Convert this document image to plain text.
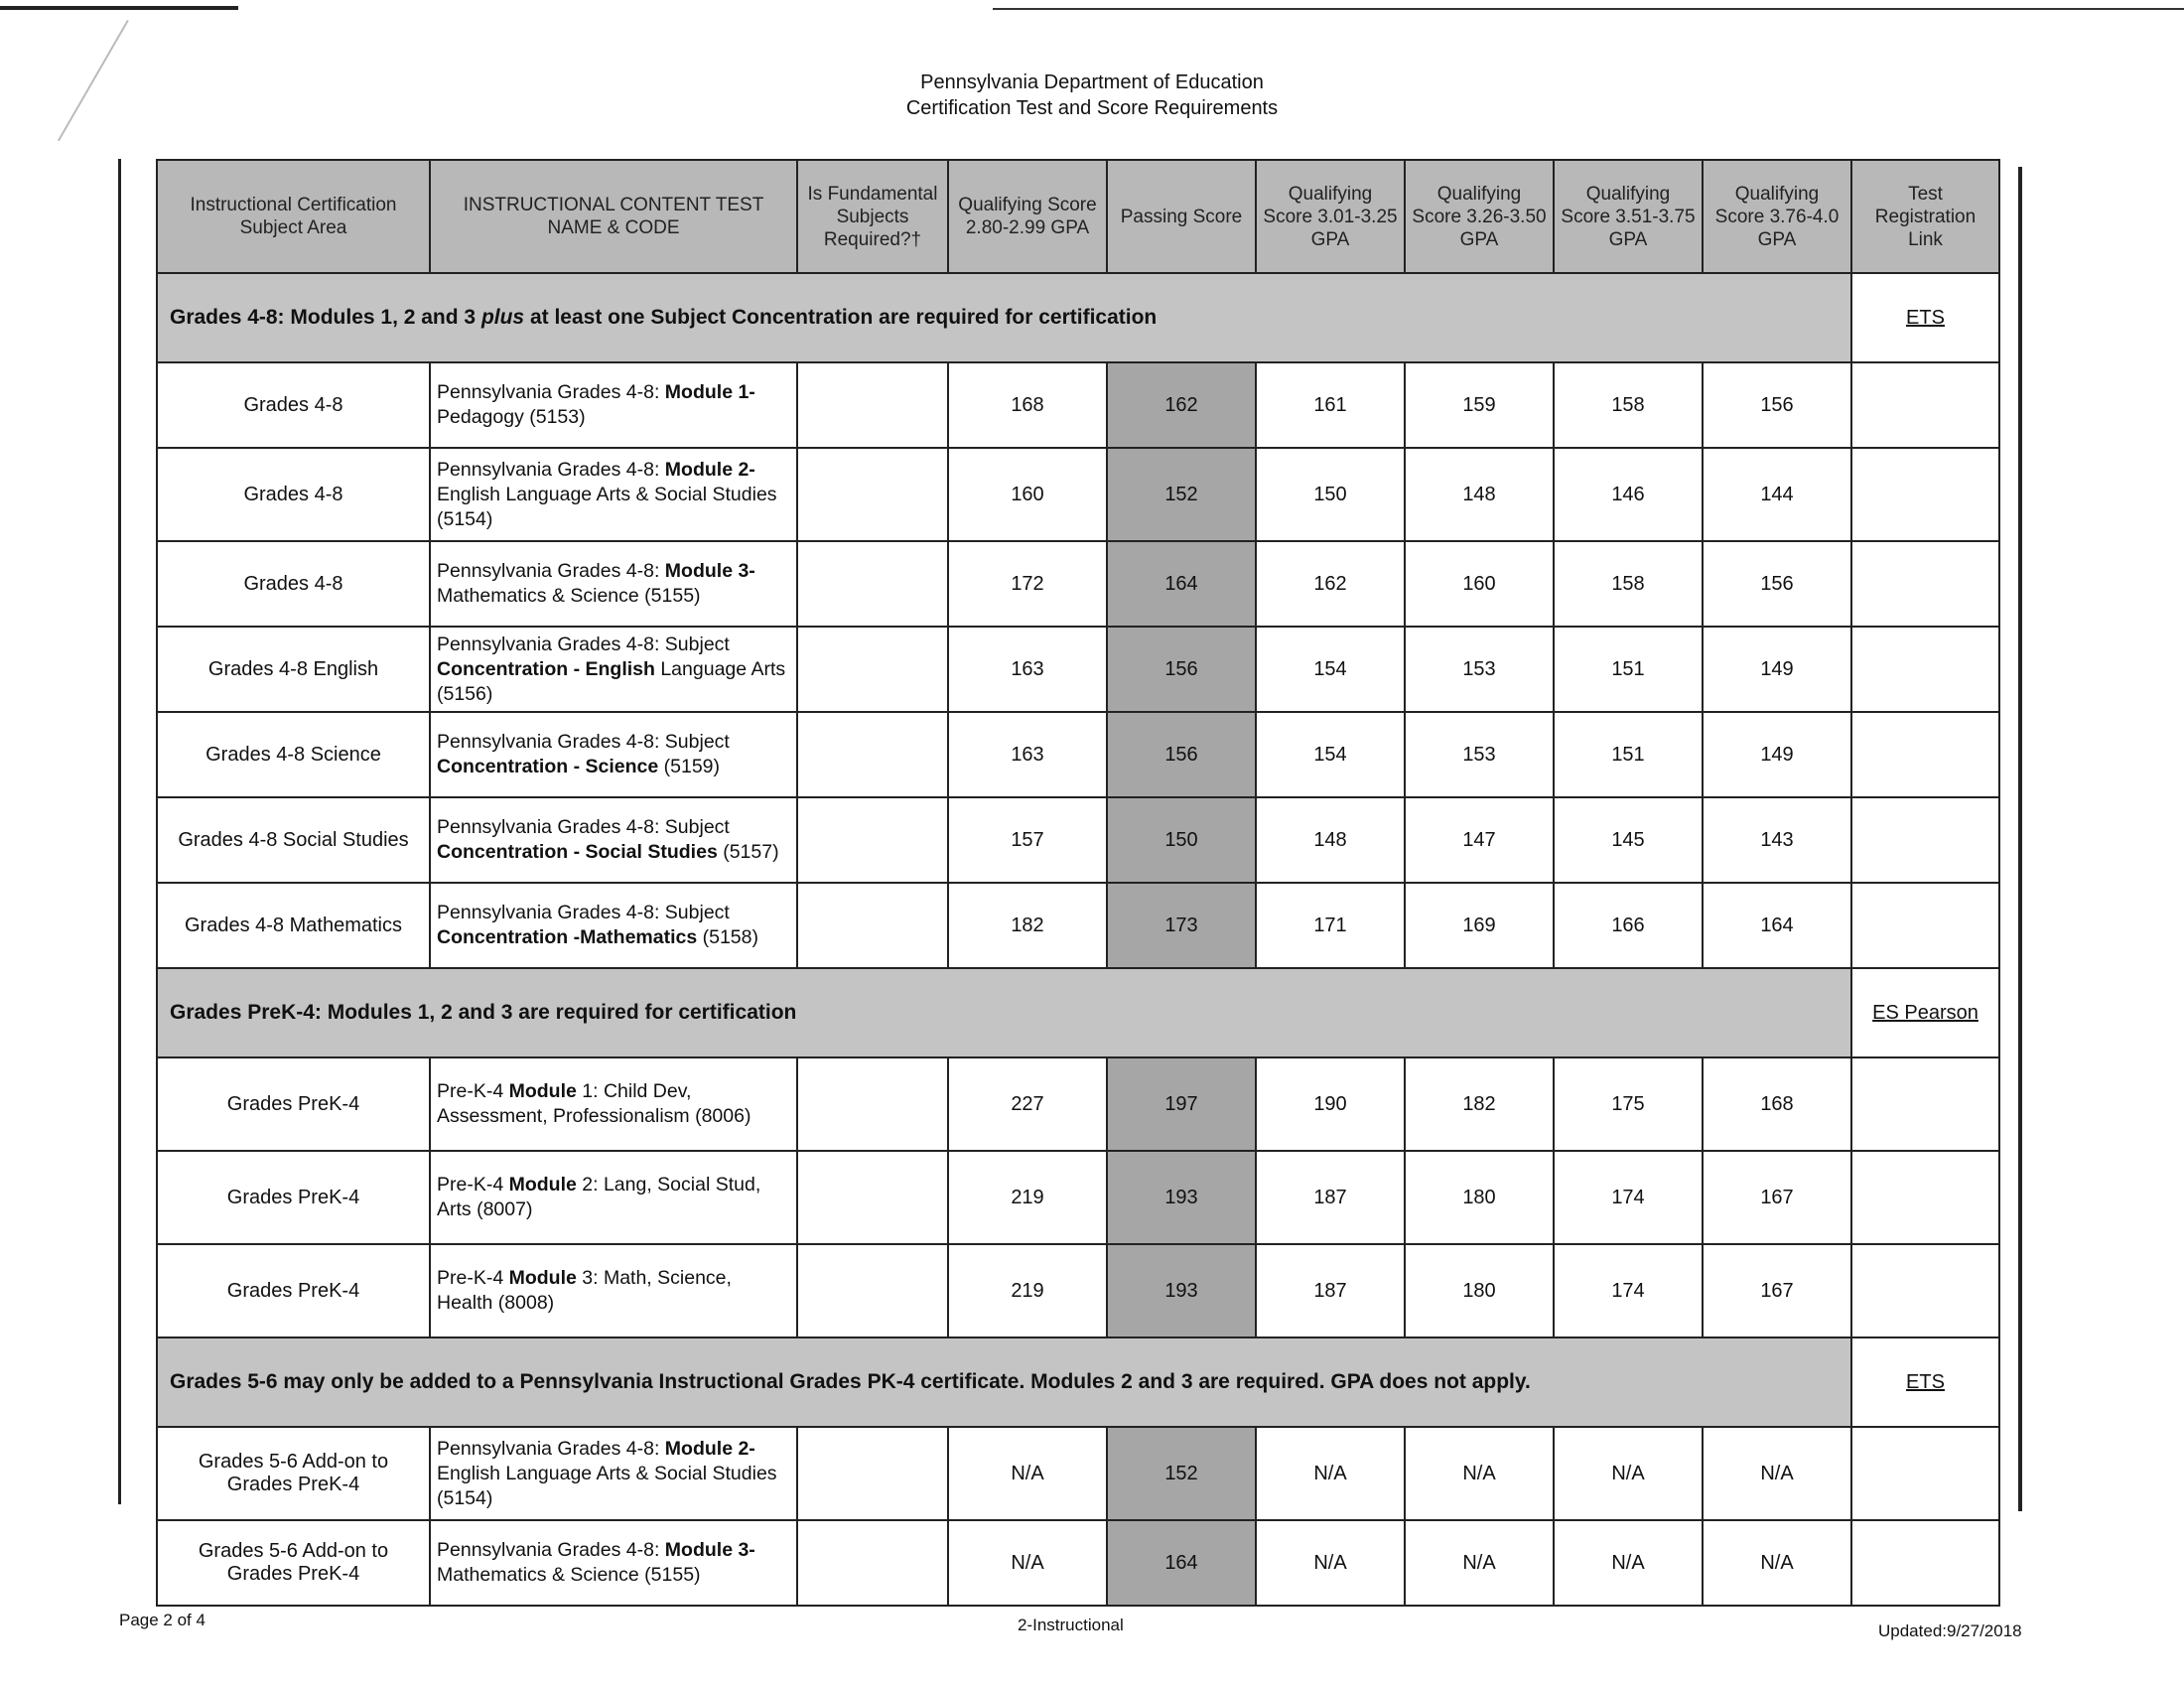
Pennsylvania Department of Education
Certification Test and Score Requirements
Instructional Certification Subject Area	INSTRUCTIONAL CONTENT TEST NAME & CODE	Is Fundamental Subjects Required?†	Qualifying Score 2.80-2.99 GPA	Passing Score	Qualifying Score 3.01-3.25 GPA	Qualifying Score 3.26-3.50 GPA	Qualifying Score 3.51-3.75 GPA	Qualifying Score 3.76-4.0 GPA	Test Registration Link
Grades 4-8: Modules 1, 2 and 3 plus at least one Subject Concentration are required for certification									ETS
Grades 4-8	Pennsylvania Grades 4-8: Module 1- Pedagogy (5153)		168	162	161	159	158	156	
Grades 4-8	Pennsylvania Grades 4-8: Module 2- English Language Arts & Social Studies (5154)		160	152	150	148	146	144	
Grades 4-8	Pennsylvania Grades 4-8: Module 3- Mathematics & Science (5155)		172	164	162	160	158	156	
Grades 4-8 English	Pennsylvania Grades 4-8: Subject Concentration - English Language Arts (5156)		163	156	154	153	151	149	
Grades 4-8 Science	Pennsylvania Grades 4-8: Subject Concentration - Science (5159)		163	156	154	153	151	149	
Grades 4-8 Social Studies	Pennsylvania Grades 4-8: Subject Concentration - Social Studies (5157)		157	150	148	147	145	143	
Grades 4-8 Mathematics	Pennsylvania Grades 4-8: Subject Concentration -Mathematics (5158)		182	173	171	169	166	164	
Grades PreK-4: Modules 1, 2 and 3 are required for certification									ES Pearson
Grades PreK-4	Pre-K-4 Module 1: Child Dev, Assessment, Professionalism (8006)		227	197	190	182	175	168	
Grades PreK-4	Pre-K-4 Module 2: Lang, Social Stud, Arts (8007)		219	193	187	180	174	167	
Grades PreK-4	Pre-K-4 Module 3: Math, Science, Health (8008)		219	193	187	180	174	167	
Grades 5-6 may only be added to a Pennsylvania Instructional Grades PK-4 certificate. Modules 2 and 3 are required. GPA does not apply.									ETS
Grades 5-6 Add-on to Grades PreK-4	Pennsylvania Grades 4-8: Module 2- English Language Arts & Social Studies (5154)		N/A	152	N/A	N/A	N/A	N/A	
Grades 5-6 Add-on to Grades PreK-4	Pennsylvania Grades 4-8: Module 3- Mathematics & Science (5155)		N/A	164	N/A	N/A	N/A	N/A	
Page 2 of 4	2-Instructional	Updated:9/27/2018
